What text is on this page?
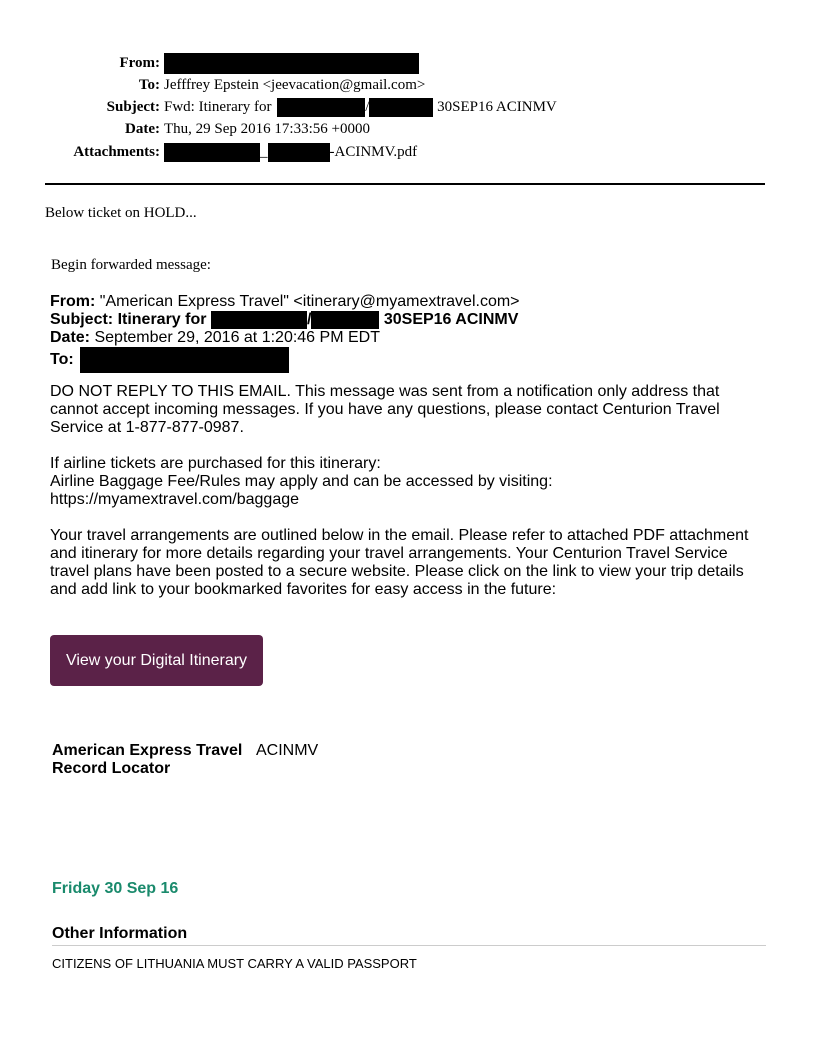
From:
To: Jefffrey Epstein <jeevacation@gmail.com>
Subject: Fwd: Itinerary for	/	30SEP16 ACINMV
Date: Thu, 29 Sep 2016 17:33:56 +0000
Attachments:	_	-ACINMV.pdf
Below ticket on HOLD...
Begin forwarded message:
From: "American Express Travel" <itinerary@myamextravel.com>
Subject: Itinerary for	/	30SEP16 ACINMV
Date: September 29, 2016 at 1:20:46 PM EDT
To:
DO NOT REPLY TO THIS EMAIL. This message was sent from a notification only address that
cannot accept incoming messages. If you have any questions, please contact Centurion Travel
Service at 1-877-877-0987.
If airline tickets are purchased for this itinerary:
Airline Baggage Fee/Rules may apply and can be accessed by visiting:
https://myamextravel.com/baggage
Your travel arrangements are outlined below in the email. Please refer to attached PDF attachment
and itinerary for more details regarding your travel arrangements. Your Centurion Travel Service
travel plans have been posted to a secure website. Please click on the link to view your trip details
and add link to your bookmarked favorites for easy access in the future:
View your Digital Itinerary
American Express Travel ACINMV
Record Locator
Friday 30 Sep 16
Other Information
CITIZENS OF LITHUANIA MUST CARRY A VALID PASSPORT
